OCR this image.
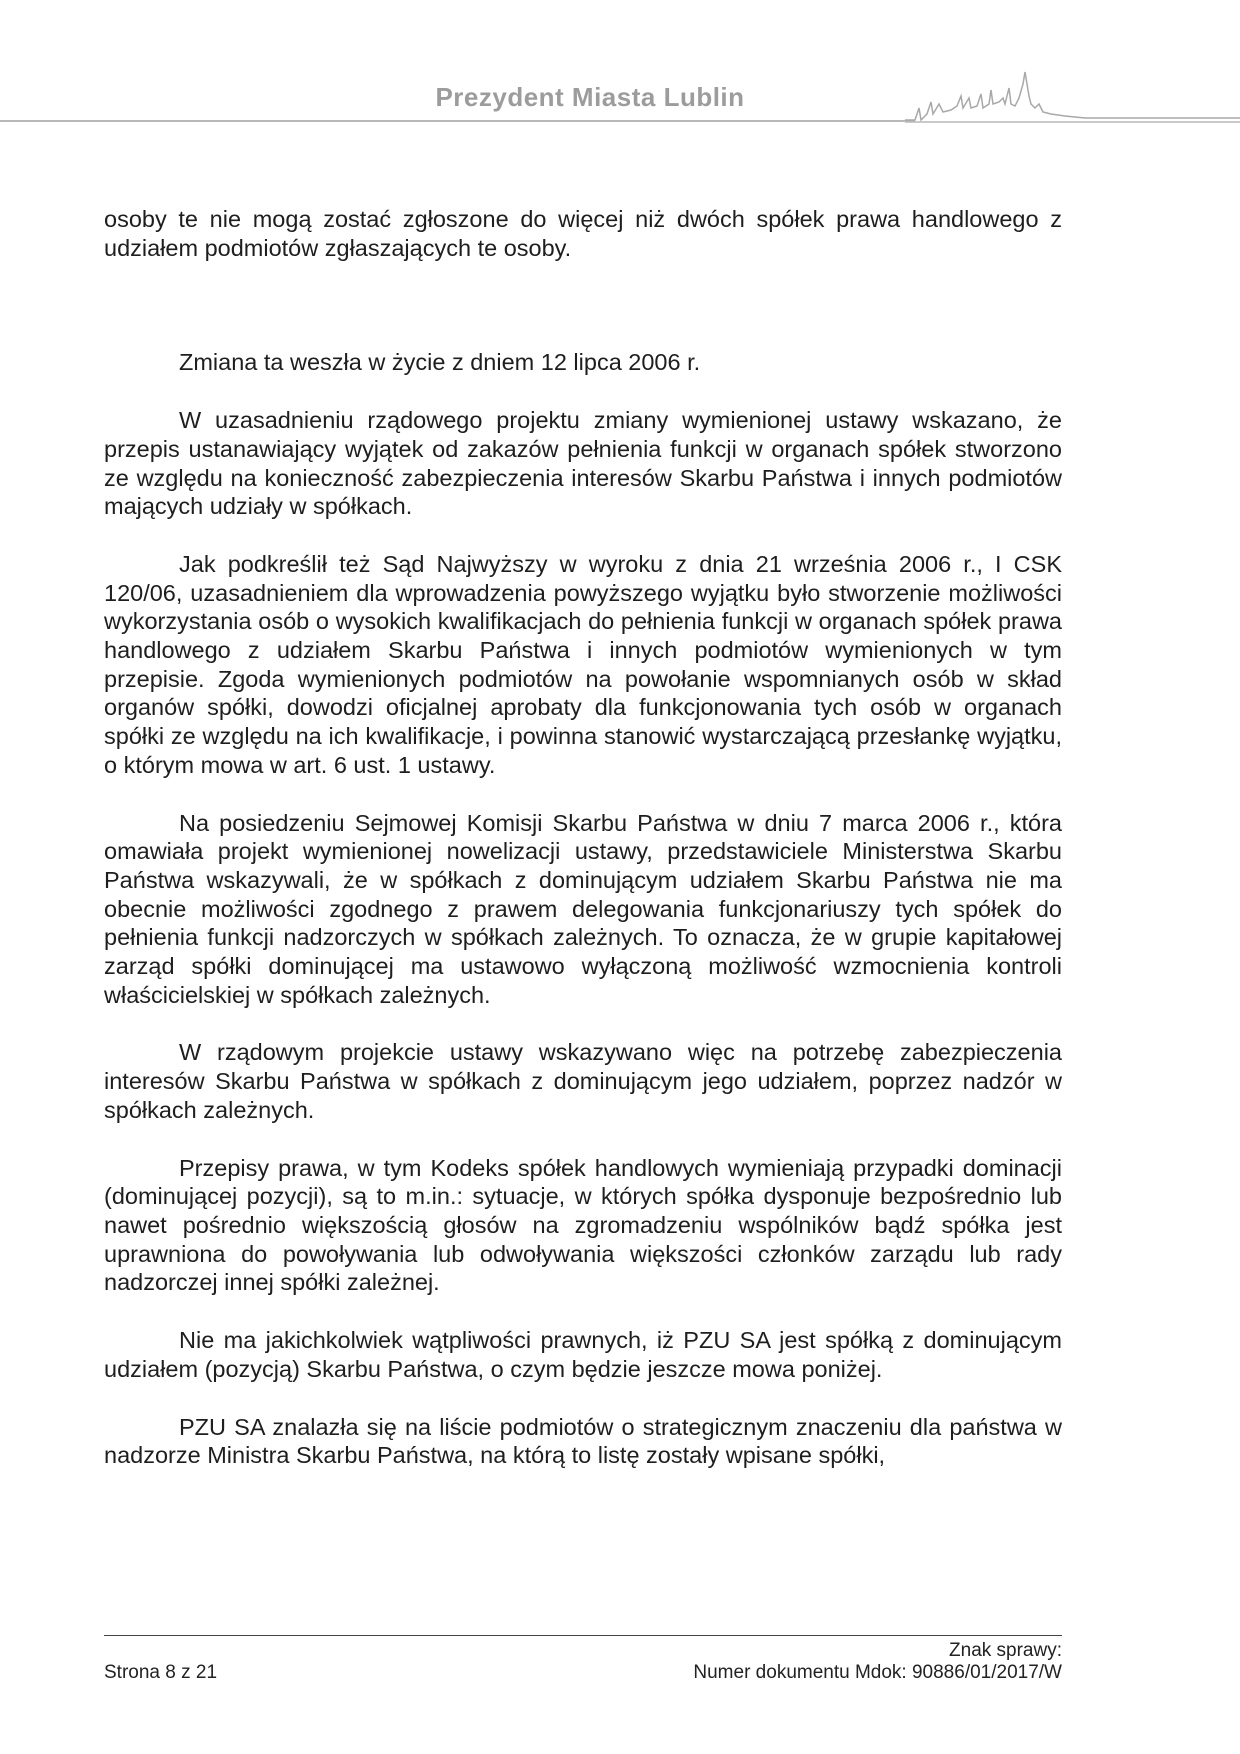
Prezydent Miasta Lublin

osoby te nie mogą zostać zgłoszone do więcej niż dwóch spółek prawa handlowego z udziałem podmiotów zgłaszających te osoby.

Zmiana ta weszła w życie z dniem 12 lipca 2006 r.

W uzasadnieniu rządowego projektu zmiany wymienionej ustawy wskazano, że przepis ustanawiający wyjątek od zakazów pełnienia funkcji w organach spółek stworzono ze względu na konieczność zabezpieczenia interesów Skarbu Państwa i innych podmiotów mających udziały w spółkach.

Jak podkreślił też Sąd Najwyższy w wyroku z dnia 21 września 2006 r., I CSK 120/06, uzasadnieniem dla wprowadzenia powyższego wyjątku było stworzenie możliwości wykorzystania osób o wysokich kwalifikacjach do pełnienia funkcji w organach spółek prawa handlowego z udziałem Skarbu Państwa i innych podmiotów wymienionych w tym przepisie. Zgoda wymienionych podmiotów na powołanie wspomnianych osób w skład organów spółki, dowodzi oficjalnej aprobaty dla funkcjonowania tych osób w organach spółki ze względu na ich kwalifikacje, i powinna stanowić wystarczającą przesłankę wyjątku, o którym mowa w art. 6 ust. 1 ustawy.

Na posiedzeniu Sejmowej Komisji Skarbu Państwa w dniu 7 marca 2006 r., która omawiała projekt wymienionej nowelizacji ustawy, przedstawiciele Ministerstwa Skarbu Państwa wskazywali, że w spółkach z dominującym udziałem Skarbu Państwa nie ma obecnie możliwości zgodnego z prawem delegowania funkcjonariuszy tych spółek do pełnienia funkcji nadzorczych w spółkach zależnych. To oznacza, że w grupie kapitałowej zarząd spółki dominującej ma ustawowo wyłączoną możliwość wzmocnienia kontroli właścicielskiej w spółkach zależnych.

W rządowym projekcie ustawy wskazywano więc na potrzebę zabezpieczenia interesów Skarbu Państwa w spółkach z dominującym jego udziałem, poprzez nadzór w spółkach zależnych.

Przepisy prawa, w tym Kodeks spółek handlowych wymieniają przypadki dominacji (dominującej pozycji), są to m.in.: sytuacje, w których spółka dysponuje bezpośrednio lub nawet pośrednio większością głosów na zgromadzeniu wspólników bądź spółka jest uprawniona do powoływania lub odwoływania większości członków zarządu lub rady nadzorczej innej spółki zależnej.

Nie ma jakichkolwiek wątpliwości prawnych, iż PZU SA jest spółką z dominującym udziałem (pozycją) Skarbu Państwa, o czym będzie jeszcze mowa poniżej.

PZU SA znalazła się na liście podmiotów o strategicznym znaczeniu dla państwa w nadzorze Ministra Skarbu Państwa, na którą to listę zostały wpisane spółki,

Znak sprawy:
Strona 8 z 21	Numer dokumentu Mdok: 90886/01/2017/W
